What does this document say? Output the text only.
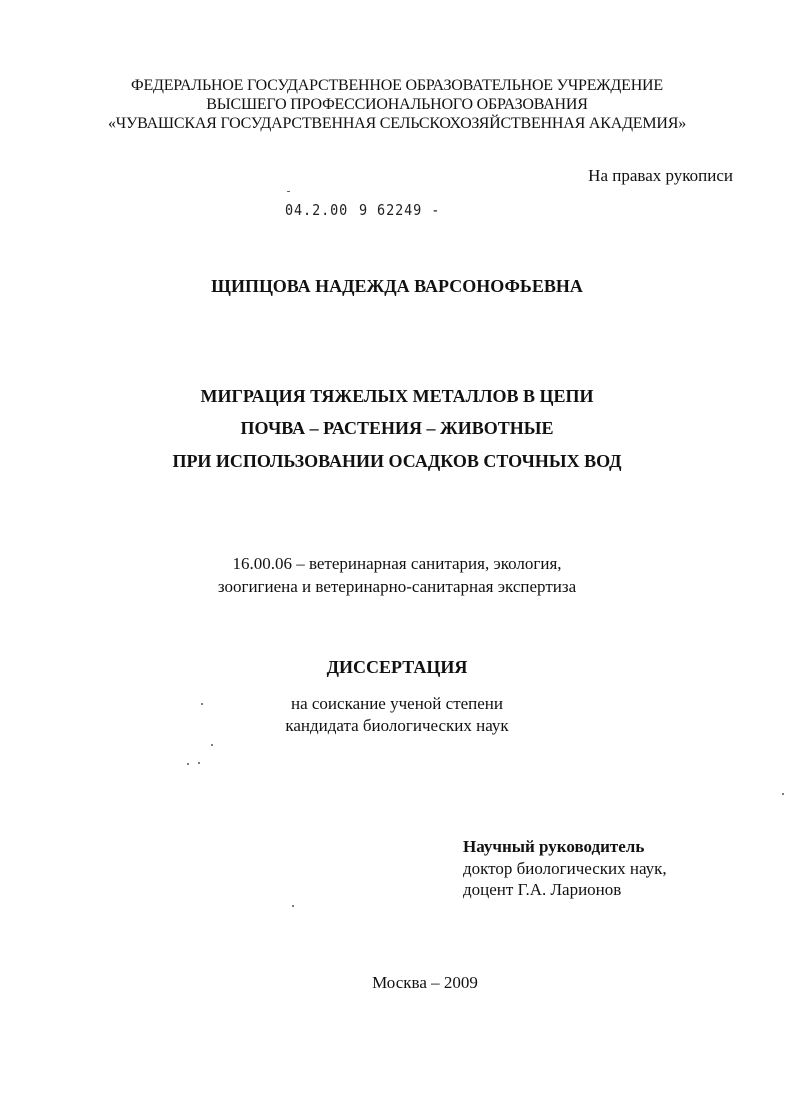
ФЕДЕРАЛЬНОЕ ГОСУДАРСТВЕННОЕ ОБРАЗОВАТЕЛЬНОЕ УЧРЕЖДЕНИЕ
ВЫСШЕГО ПРОФЕССИОНАЛЬНОГО ОБРАЗОВАНИЯ
«ЧУВАШСКАЯ ГОСУДАРСТВЕННАЯ СЕЛЬСКОХОЗЯЙСТВЕННАЯ АКАДЕМИЯ»
На правах рукописи
04.2.00 9 62249 -
ЩИПЦОВА НАДЕЖДА ВАРСОНОФЬЕВНА
МИГРАЦИЯ ТЯЖЕЛЫХ МЕТАЛЛОВ В ЦЕПИ
ПОЧВА – РАСТЕНИЯ – ЖИВОТНЫЕ
ПРИ ИСПОЛЬЗОВАНИИ ОСАДКОВ СТОЧНЫХ ВОД
16.00.06 – ветеринарная санитария, экология,
зоогигиена и ветеринарно-санитарная экспертиза
ДИССЕРТАЦИЯ
на соискание ученой степени
кандидата биологических наук
Научный руководитель
доктор биологических наук,
доцент Г.А. Ларионов
Москва – 2009
